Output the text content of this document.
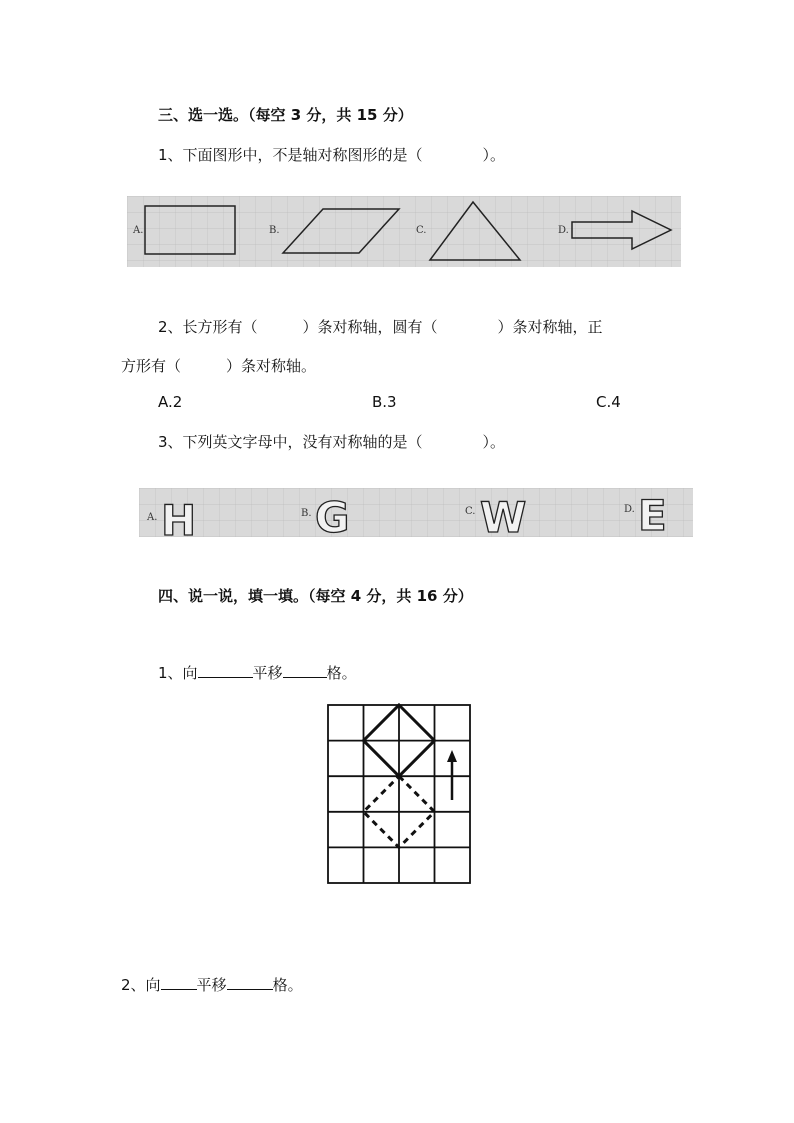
三、选一选。（每空 3 分，共 15 分）
1、下面图形中，不是轴对称图形的是（　　　　）。
A.	B.	C.	D.
2、长方形有（　　　）条对称轴，圆有（　　　　）条对称轴，正
方形有（　　　）条对称轴。
A.2	B.3	C.4
3、下列英文字母中，没有对称轴的是（　　　　）。
H	G	W	E
A.	B.	C.	D.
四、说一说，填一填。（每空 4 分，共 16 分）
1、向	平移	格。
2、向 平移	格。
